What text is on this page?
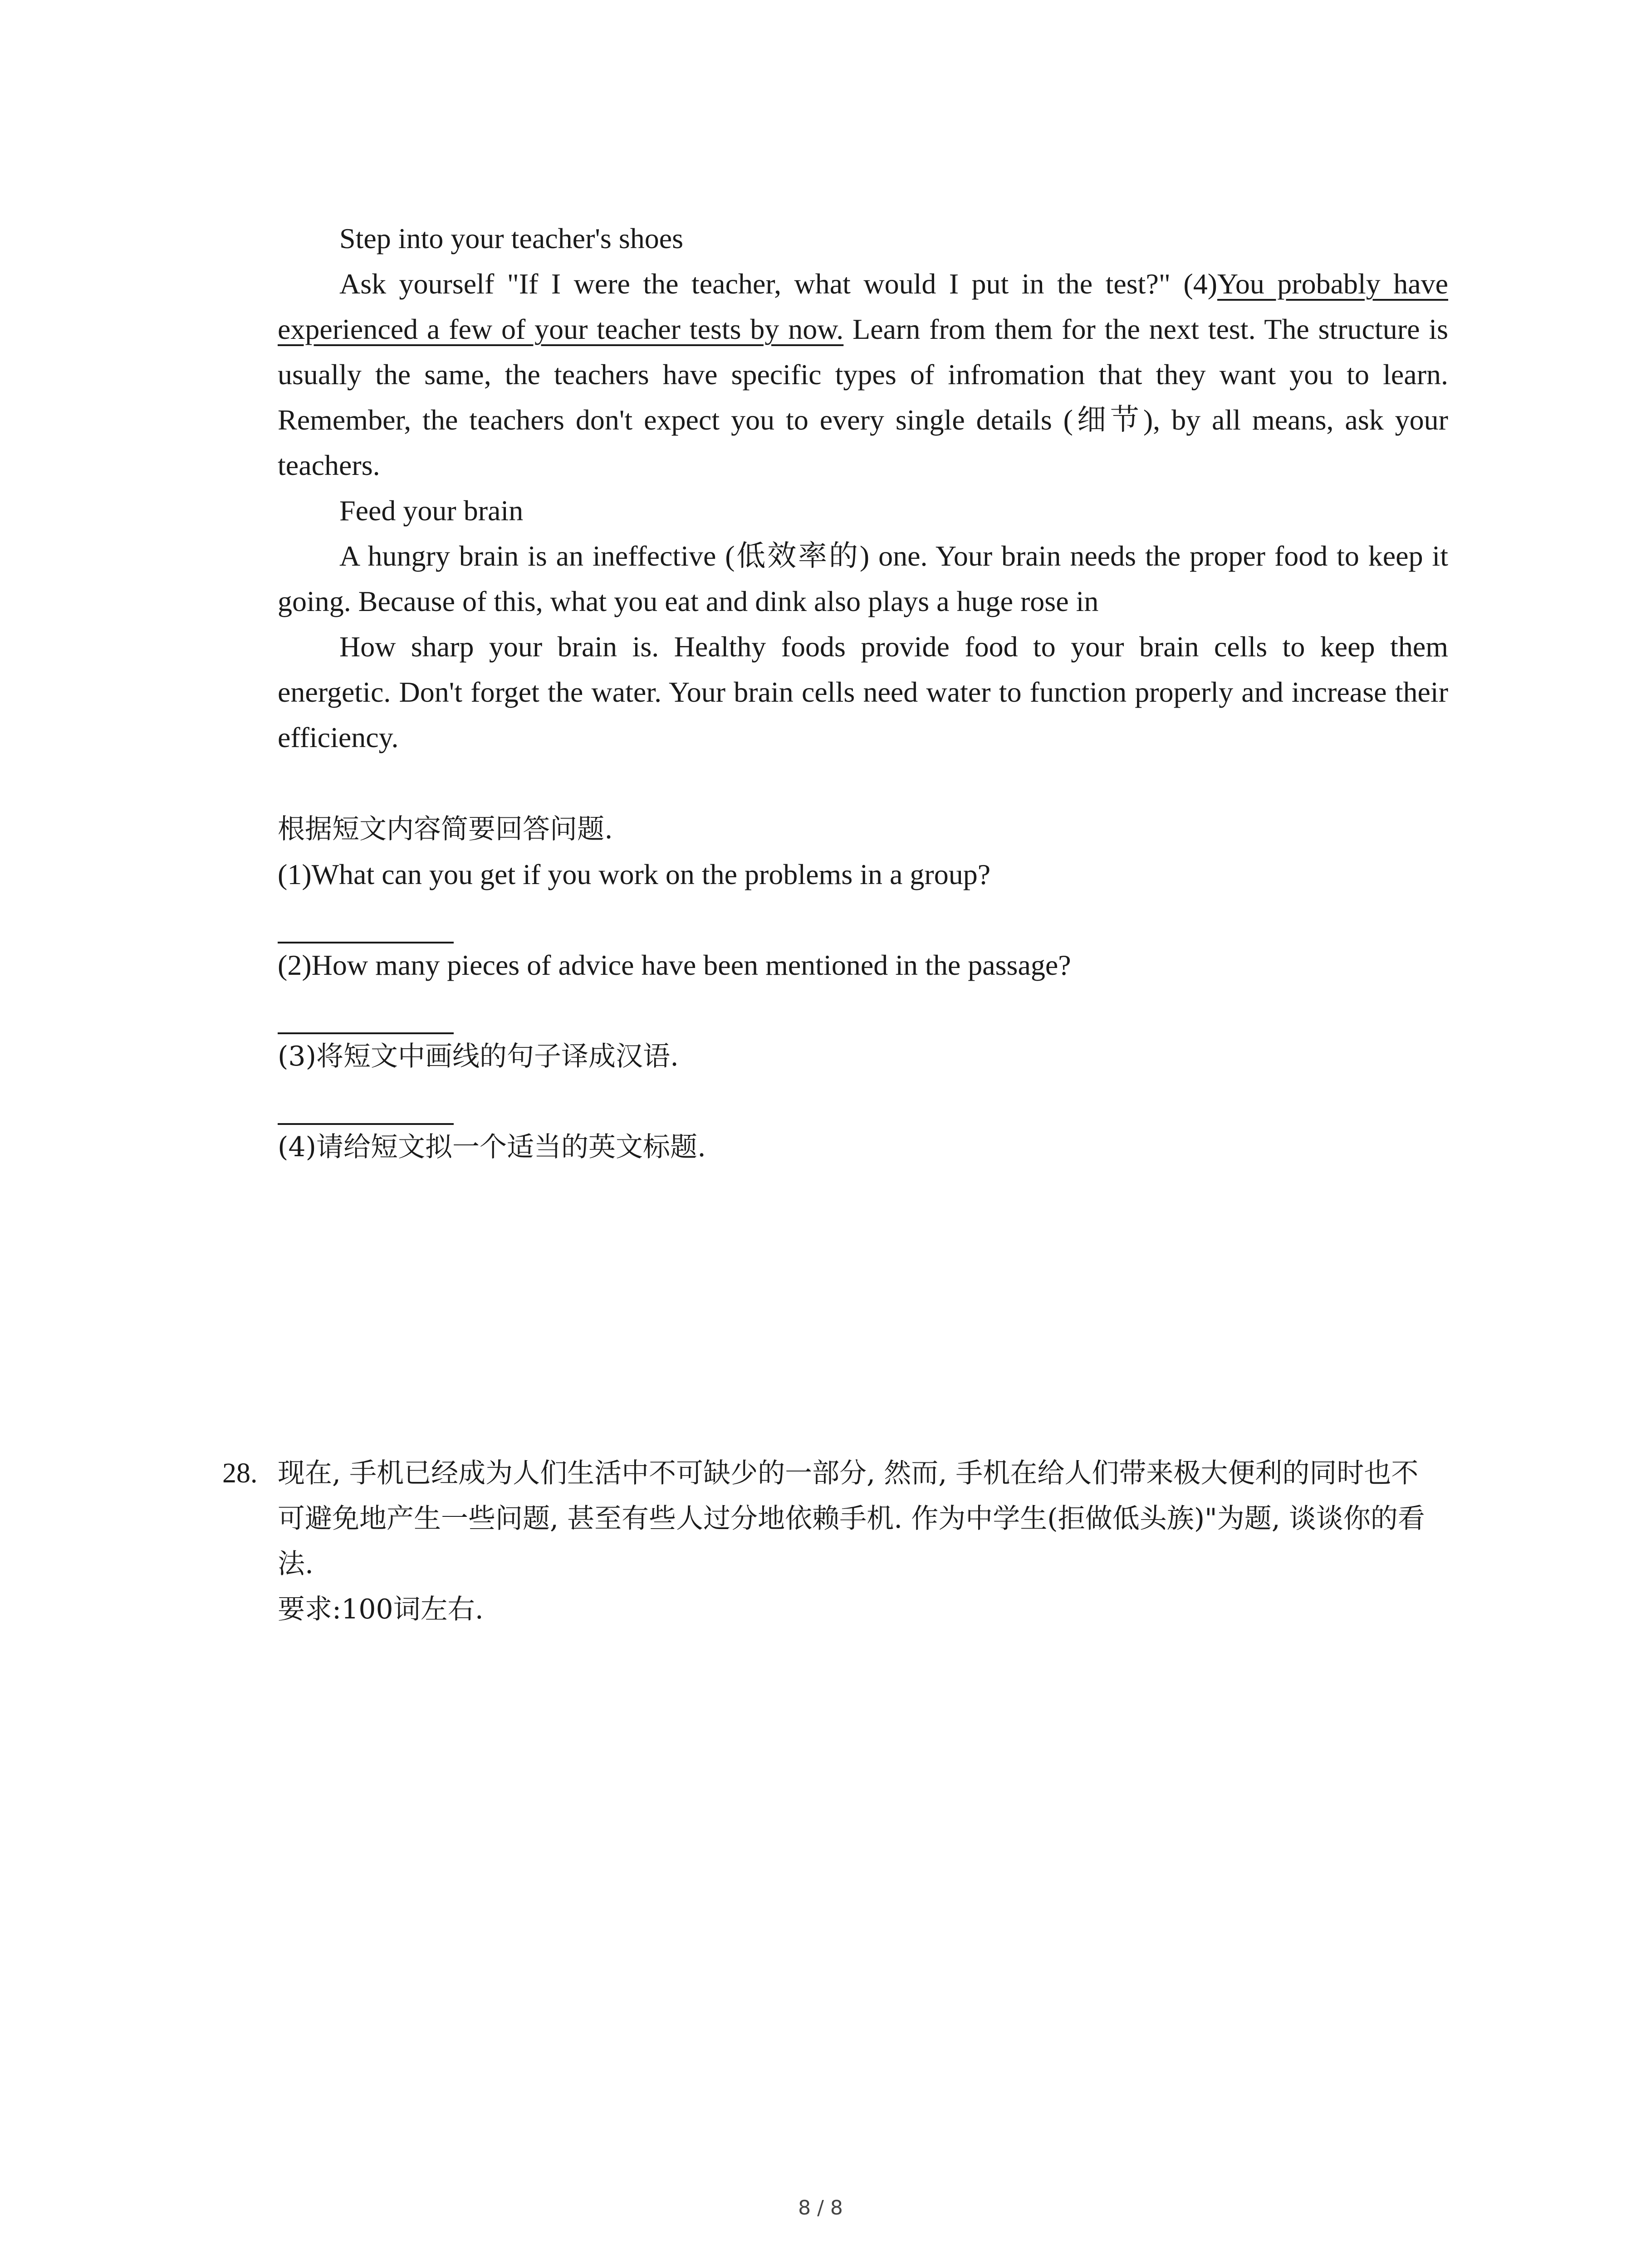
Step into your teacher's shoes

Ask yourself "If I were the teacher, what would I put in the test?" (4)You probably have experienced a few of your teacher tests by now. Learn from them for the next test. The structure is usually the same, the teachers have specific types of infromation that they want you to learn. Remember, the teachers don't expect you to every single details (细节), by all means, ask your teachers.

Feed your brain

A hungry brain is an ineffective (低效率的) one. Your brain needs the proper food to keep it going. Because of this, what you eat and dink also plays a huge rose in

How sharp your brain is. Healthy foods provide food to your brain cells to keep them energetic. Don't forget the water. Your brain cells need water to function properly and increase their efficiency.

根据短文内容简要回答问题.

(1)What can you get if you work on the problems in a group?

(2)How many pieces of advice have been mentioned in the passage?

(3)将短文中画线的句子译成汉语.

(4)请给短文拟一个适当的英文标题.

28. 现在, 手机已经成为人们生活中不可缺少的一部分, 然而, 手机在给人们带来极大便利的同时也不可避免地产生一些问题, 甚至有些人过分地依赖手机. 作为中学生(拒做低头族)"为题, 谈谈你的看法.

要求:100词左右.
8 / 8
